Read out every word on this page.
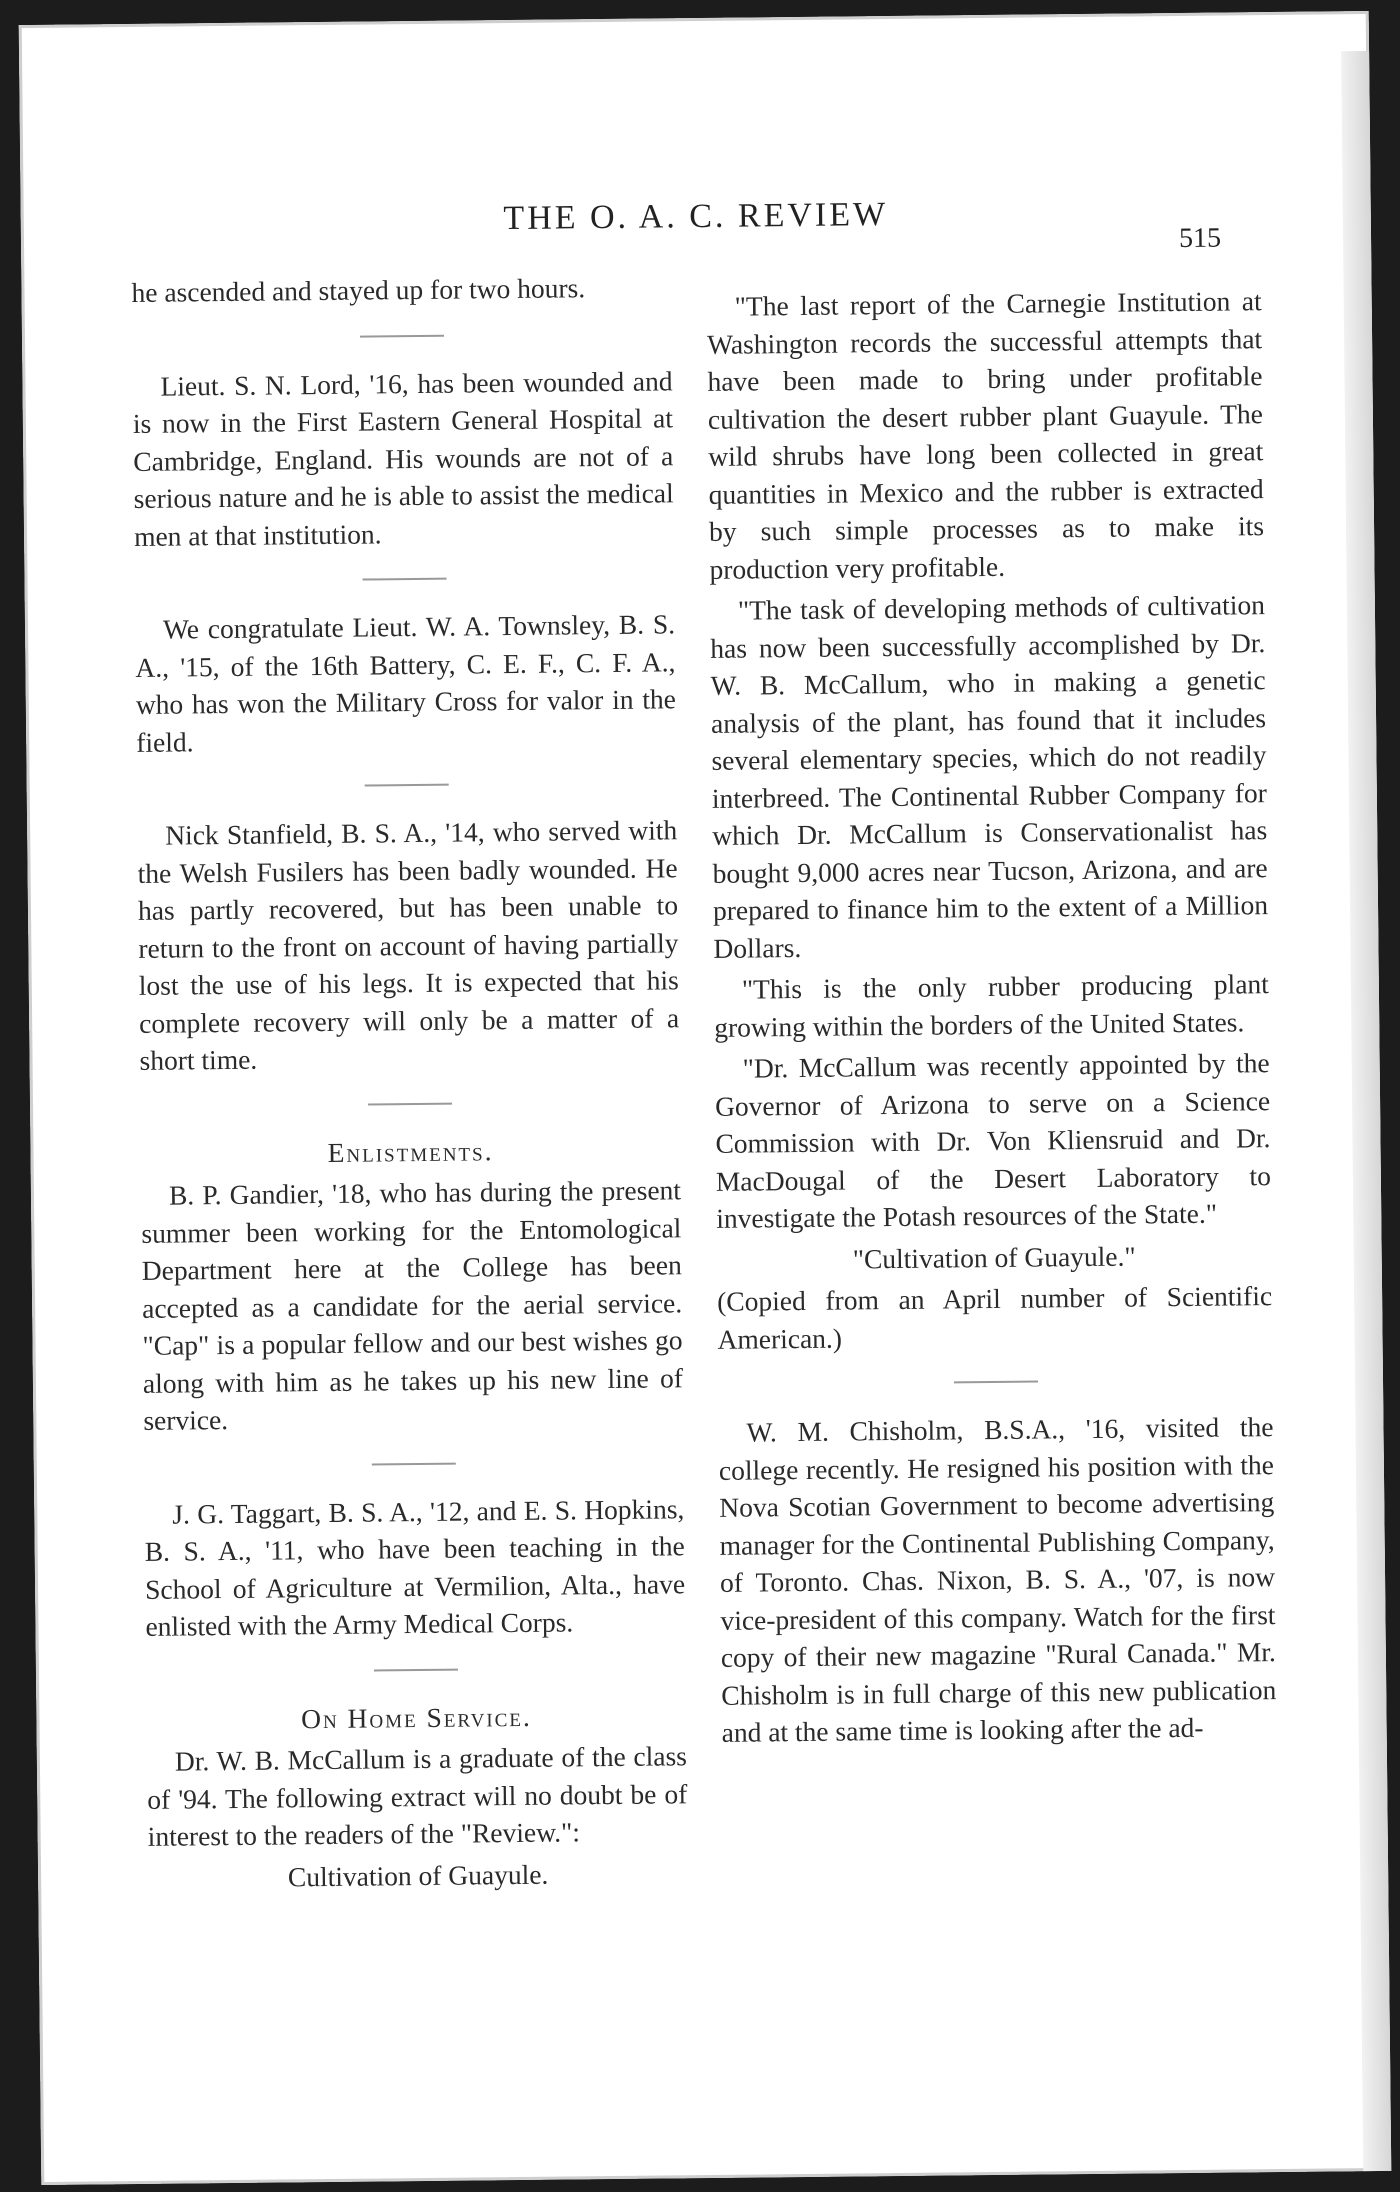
THE O. A. C. REVIEW
515

he ascended and stayed up for two hours.

Lieut. S. N. Lord, '16, has been wounded and is now in the First Eastern General Hospital at Cambridge, England. His wounds are not of a serious nature and he is able to assist the medical men at that institution.

We congratulate Lieut. W. A. Townsley, B. S. A., '15, of the 16th Battery, C. E. F., C. F. A., who has won the Military Cross for valor in the field.

Nick Stanfield, B. S. A., '14, who served with the Welsh Fusilers has been badly wounded. He has partly recovered, but has been unable to return to the front on account of having partially lost the use of his legs. It is expected that his complete recovery will only be a matter of a short time.

Enlistments.

B. P. Gandier, '18, who has during the present summer been working for the Entomological Department here at the College has been accepted as a candidate for the aerial service. "Cap" is a popular fellow and our best wishes go along with him as he takes up his new line of service.

J. G. Taggart, B. S. A., '12, and E. S. Hopkins, B. S. A., '11, who have been teaching in the School of Agriculture at Vermilion, Alta., have enlisted with the Army Medical Corps.

On Home Service.

Dr. W. B. McCallum is a graduate of the class of '94. The following extract will no doubt be of interest to the readers of the "Review.":

Cultivation of Guayule.

"The last report of the Carnegie Institution at Washington records the successful attempts that have been made to bring under profitable cultivation the desert rubber plant Guayule. The wild shrubs have long been collected in great quantities in Mexico and the rubber is extracted by such simple processes as to make its production very profitable.

"The task of developing methods of cultivation has now been successfully accomplished by Dr. W. B. McCallum, who in making a genetic analysis of the plant, has found that it includes several elementary species, which do not readily interbreed. The Continental Rubber Company for which Dr. McCallum is Conservationalist has bought 9,000 acres near Tucson, Arizona, and are prepared to finance him to the extent of a Million Dollars.

"This is the only rubber producing plant growing within the borders of the United States.

"Dr. McCallum was recently appointed by the Governor of Arizona to serve on a Science Commission with Dr. Von Kliensruid and Dr. MacDougal of the Desert Laboratory to investigate the Potash resources of the State."

"Cultivation of Guayule."

(Copied from an April number of Scientific American.)

W. M. Chisholm, B.S.A., '16, visited the college recently. He resigned his position with the Nova Scotian Government to become advertising manager for the Continental Publishing Company, of Toronto. Chas. Nixon, B. S. A., '07, is now vice-president of this company. Watch for the first copy of their new magazine "Rural Canada." Mr. Chisholm is in full charge of this new publication and at the same time is looking after the ad-
